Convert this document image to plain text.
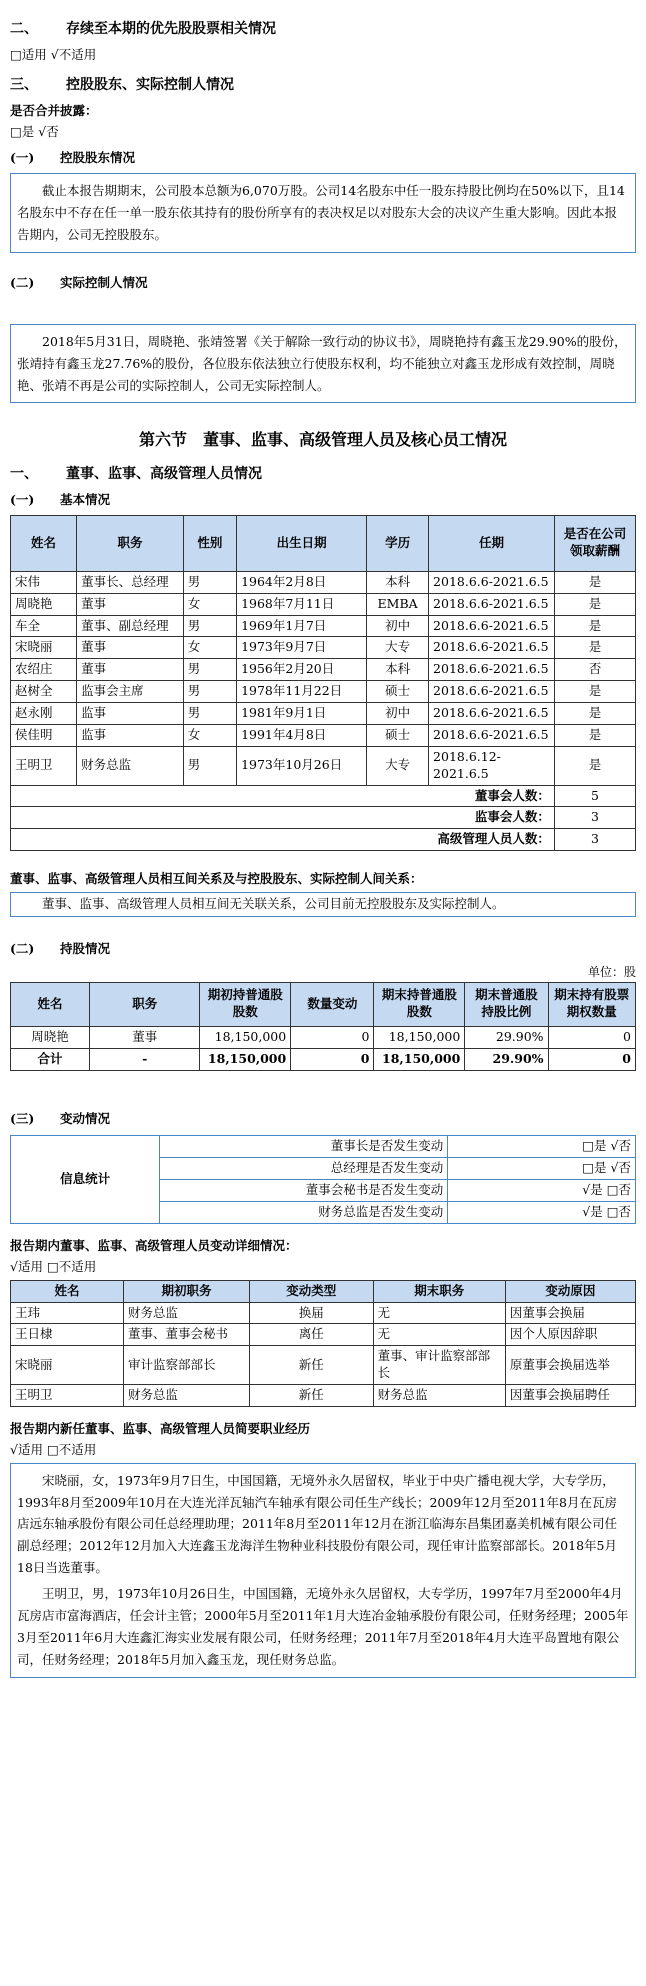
二、	存续至本期的优先股股票相关情况
□适用 √不适用
三、	控股股东、实际控制人情况
是否合并披露：
□是 √否
(一)	控股股东情况

截止本报告期期末，公司股本总额为6,070万股。公司14名股东中任一股东持股比例均在50%以下，且14名股东中不存在任一单一股东依其持有的股份所享有的表决权足以对股东大会的决议产生重大影响。因此本报告期内，公司无控股股东。

(二)	实际控制人情况

2018年5月31日，周晓艳、张靖签署《关于解除一致行动的协议书》，周晓艳持有鑫玉龙29.90%的股份，张靖持有鑫玉龙27.76%的股份，各位股东依法独立行使股东权利，均不能独立对鑫玉龙形成有效控制，周晓艳、张靖不再是公司的实际控制人，公司无实际控制人。

第六节　董事、监事、高级管理人员及核心员工情况
一、	董事、监事、高级管理人员情况
(一)	基本情况
姓名	职务	性别	出生日期	学历	任期	是否在公司领取薪酬
宋伟	董事长、总经理	男	1964年2月8日	本科	2018.6.6-2021.6.5	是
周晓艳	董事	女	1968年7月11日	EMBA	2018.6.6-2021.6.5	是
车全	董事、副总经理	男	1969年1月7日	初中	2018.6.6-2021.6.5	是
宋晓丽	董事	女	1973年9月7日	大专	2018.6.6-2021.6.5	是
农绍庄	董事	男	1956年2月20日	本科	2018.6.6-2021.6.5	否
赵树全	监事会主席	男	1978年11月22日	硕士	2018.6.6-2021.6.5	是
赵永刚	监事	男	1981年9月1日	初中	2018.6.6-2021.6.5	是
侯佳明	监事	女	1991年4月8日	硕士	2018.6.6-2021.6.5	是
王明卫	财务总监	男	1973年10月26日	大专	2018.6.12-2021.6.5	是
董事会人数：						5
监事会人数：						3
高级管理人员人数：						3
董事、监事、高级管理人员相互间关系及与控股股东、实际控制人间关系：

董事、监事、高级管理人员相互间无关联关系，公司目前无控股股东及实际控制人。

(二)	持股情况
单位：股
姓名	职务	期初持普通股股数	数量变动	期末持普通股股数	期末普通股持股比例	期末持有股票期权数量
周晓艳	董事	18,150,000	0	18,150,000	29.90%	0
合计	-	18,150,000	0	18,150,000	29.90%	0
(三)	变动情况
信息统计	董事长是否发生变动	□是 √否
	总经理是否发生变动	□是 √否
	董事会秘书是否发生变动	√是 □否
	财务总监是否发生变动	√是 □否
报告期内董事、监事、高级管理人员变动详细情况：
√适用 □不适用
姓名	期初职务	变动类型	期末职务	变动原因
王玮	财务总监	换届	无	因董事会换届
王日棣	董事、董事会秘书	离任	无	因个人原因辞职
宋晓丽	审计监察部部长	新任	董事、审计监察部部长	原董事会换届选举
王明卫	财务总监	新任	财务总监	因董事会换届聘任
报告期内新任董事、监事、高级管理人员简要职业经历
√适用 □不适用

宋晓丽，女，1973年9月7日生，中国国籍，无境外永久居留权，毕业于中央广播电视大学，大专学历，1993年8月至2009年10月在大连光洋瓦轴汽车轴承有限公司任生产线长；2009年12月至2011年8月在瓦房店远东轴承股份有限公司任总经理助理；2011年8月至2011年12月在浙江临海东昌集团嘉美机械有限公司任副总经理；2012年12月加入大连鑫玉龙海洋生物种业科技股份有限公司，现任审计监察部部长。2018年5月18日当选董事。

王明卫，男，1973年10月26日生，中国国籍，无境外永久居留权，大专学历，1997年7月至2000年4月瓦房店市富海酒店，任会计主管；2000年5月至2011年1月大连冶金轴承股份有限公司，任财务经理；2005年3月至2011年6月大连鑫汇海实业发展有限公司，任财务经理；2011年7月至2018年4月大连平岛置地有限公司，任财务经理；2018年5月加入鑫玉龙，现任财务总监。
